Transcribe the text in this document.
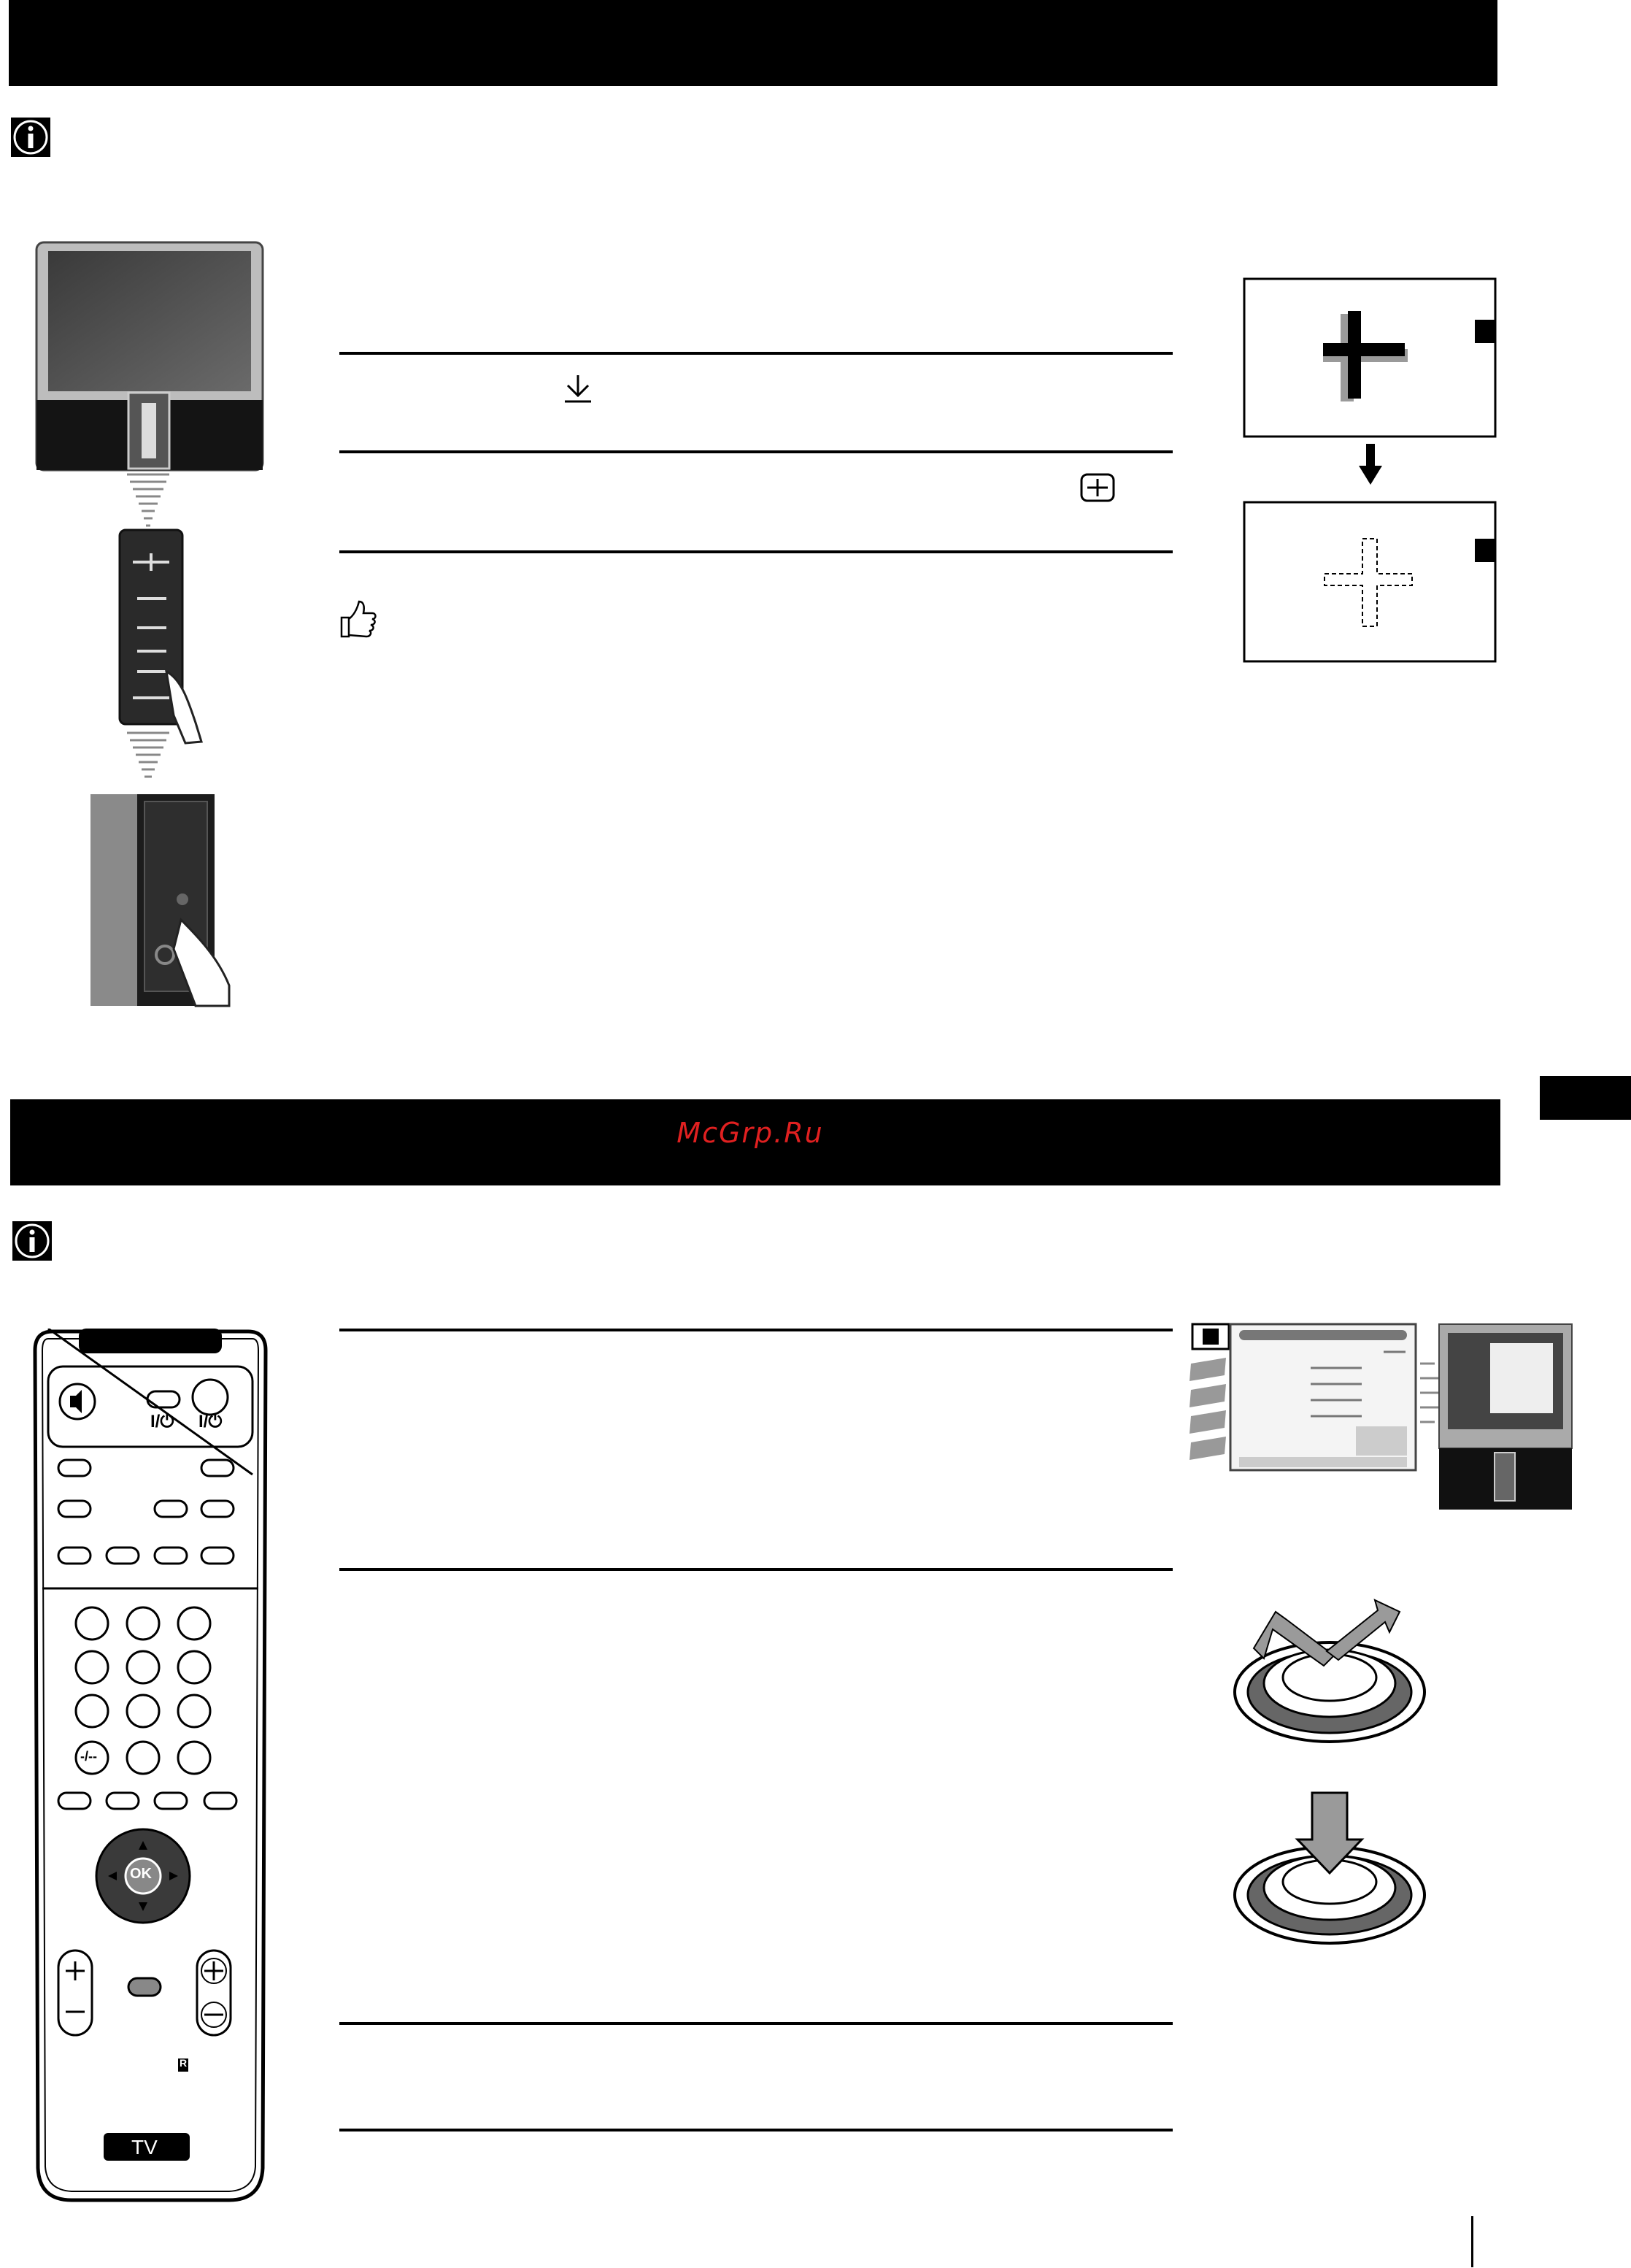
McGrp.Ru
I/⏻ I/⏻
-/--
OK
R
TV
